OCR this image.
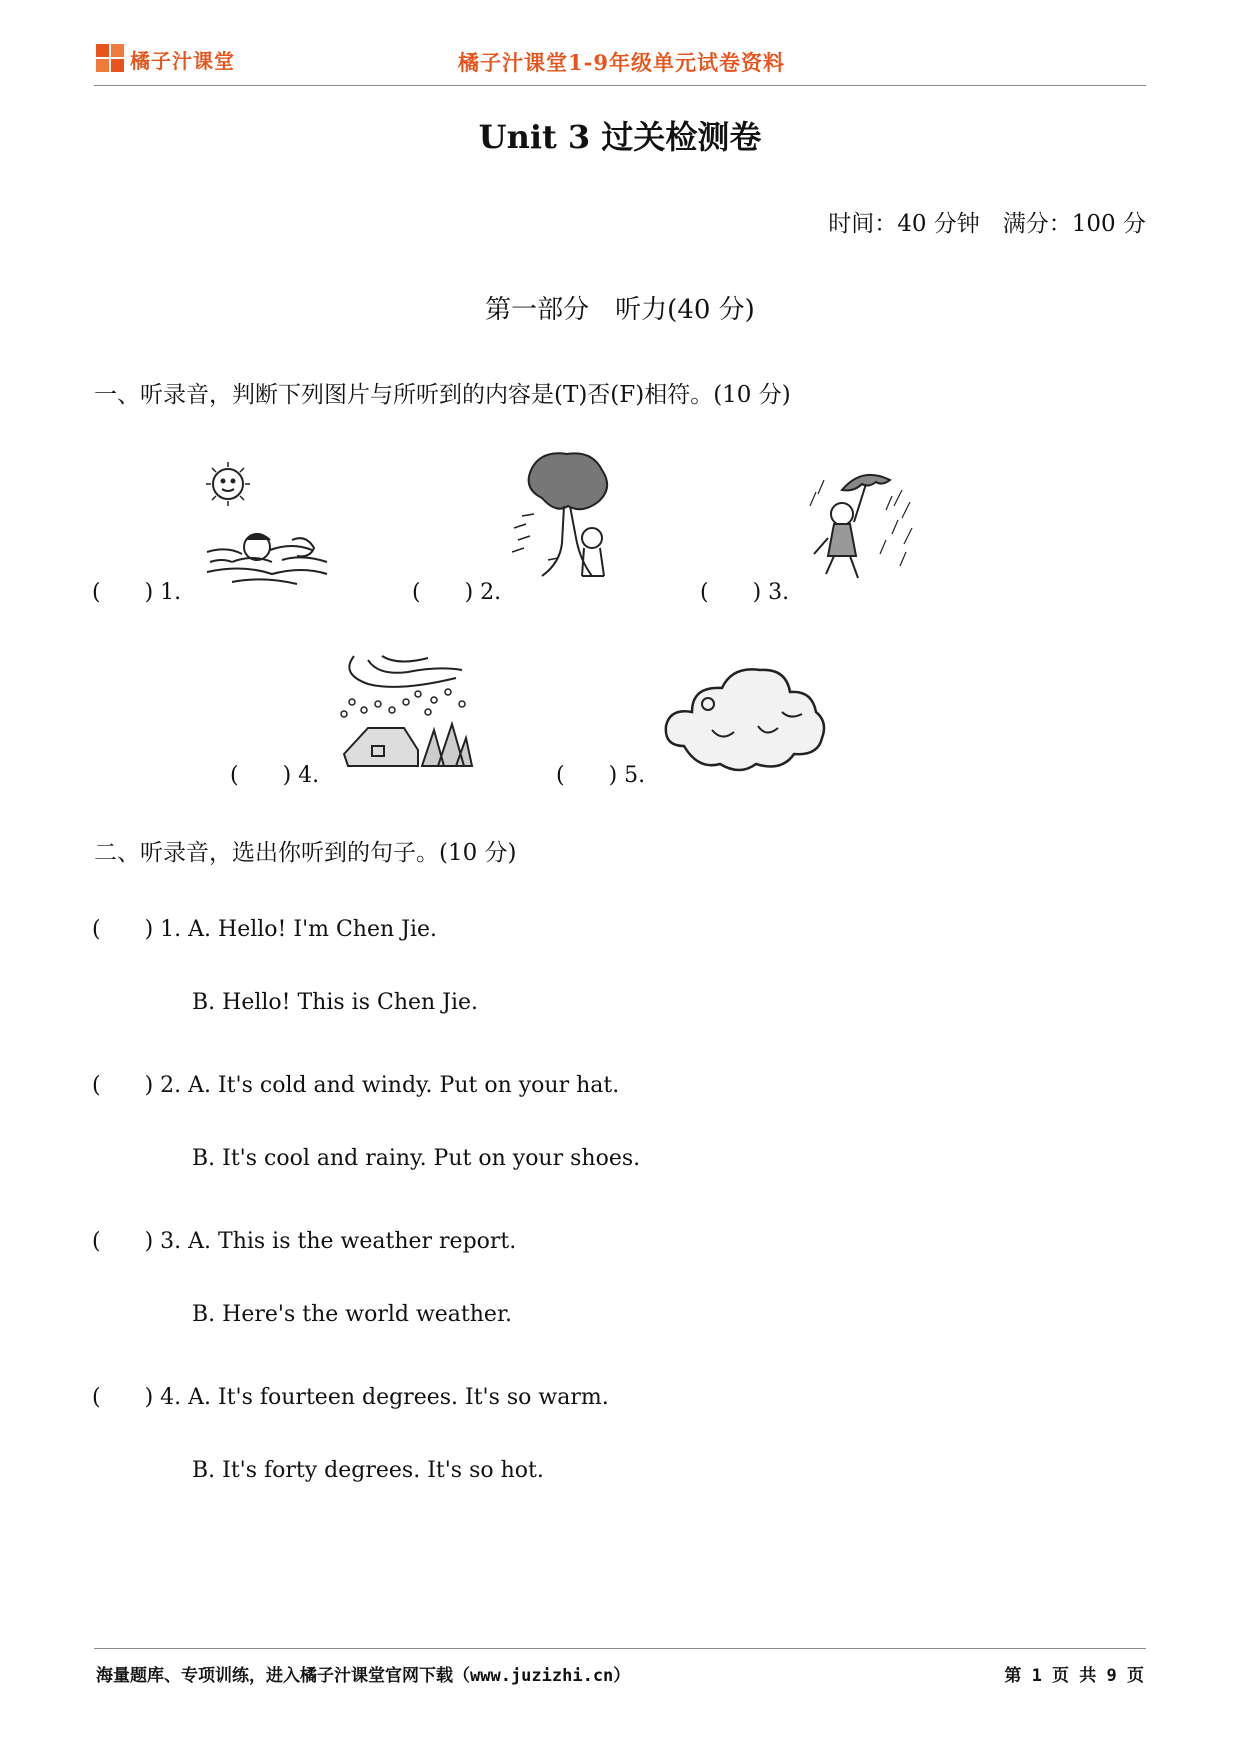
橘子汁课堂	橘子汁课堂1-9年级单元试卷资料
Unit 3 过关检测卷
时间：40 分钟　满分：100 分
第一部分　听力(40 分)
一、听录音，判断下列图片与所听到的内容是(T)否(F)相符。(10 分)
(　　) 1.	(　　) 2.	(　　) 3.
(　　) 4.	(　　) 5.
二、听录音，选出你听到的句子。(10 分)
(　　) 1. A. Hello! I'm Chen Jie.
B. Hello! This is Chen Jie.
(　　) 2. A. It's cold and windy. Put on your hat.
B. It's cool and rainy. Put on your shoes.
(　　) 3. A. This is the weather report.
B. Here's the world weather.
(　　) 4. A. It's fourteen degrees. It's so warm.
B. It's forty degrees. It's so hot.
海量题库、专项训练，进入橘子汁课堂官网下载（www.juzizhi.cn）	第 1 页 共 9 页
